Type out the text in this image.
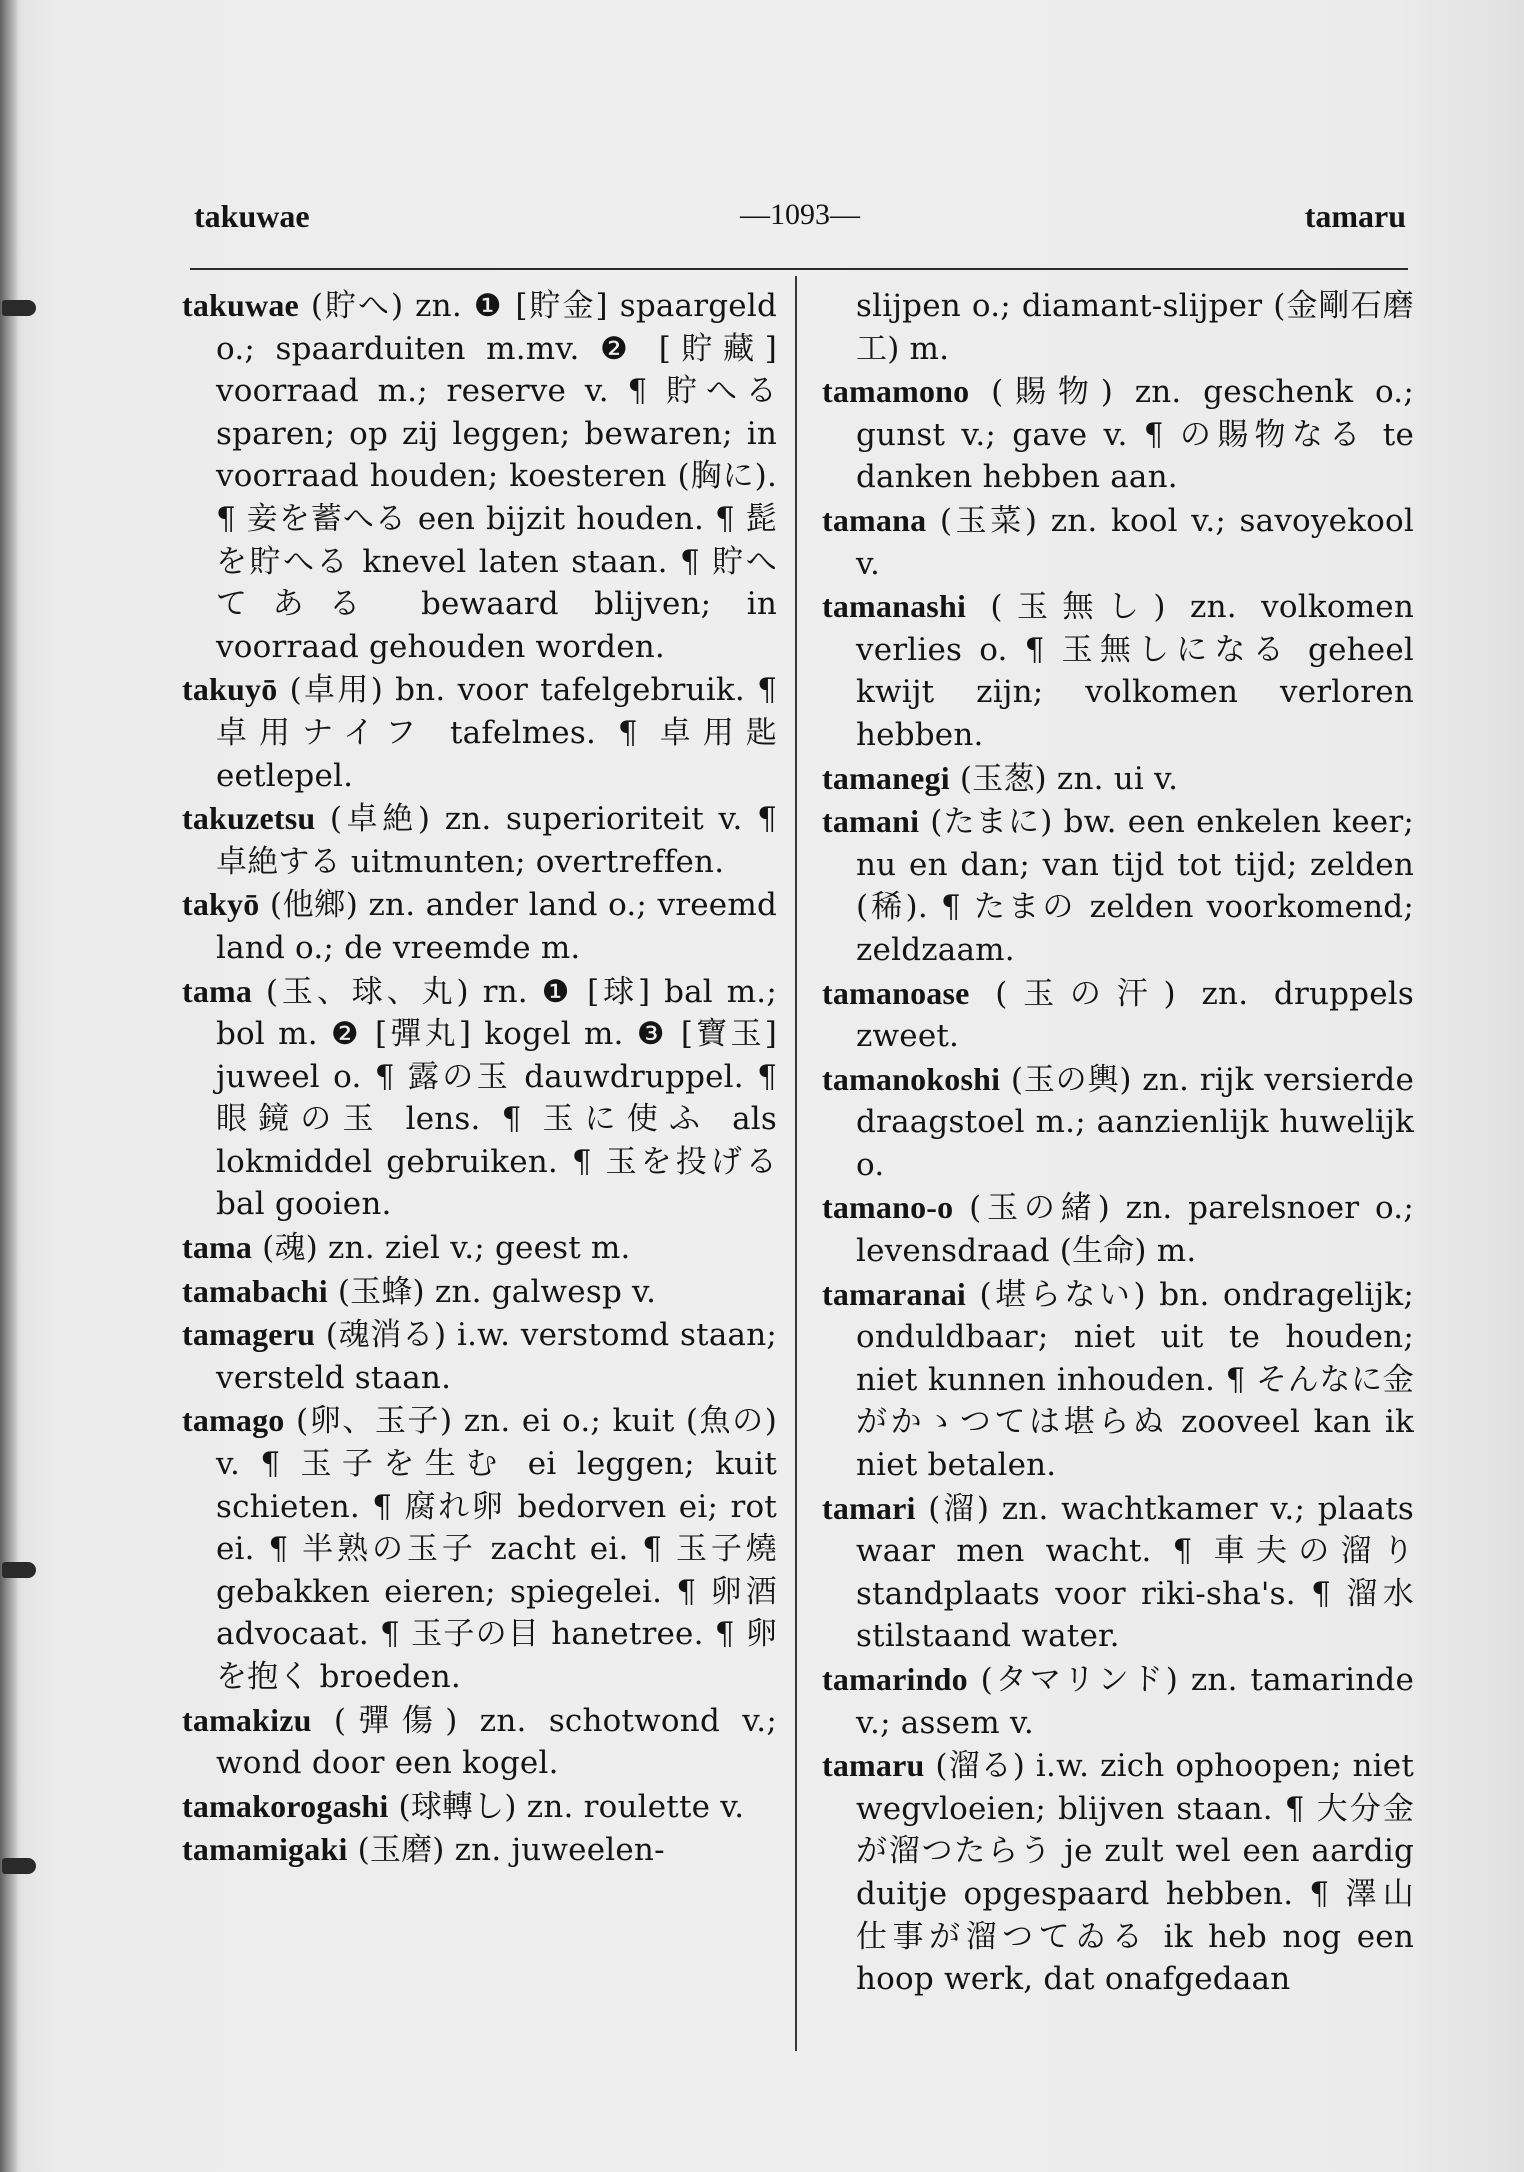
takuwae	—1093—	tamaru

takuwae (貯へ) zn. ❶ [貯金] spaargeld o.; spaarduiten m.mv. ❷ [貯藏] voorraad m.; reserve v. ¶ 貯へる sparen; op zij leggen; bewaren; in voorraad houden; koesteren (胸に). ¶ 妾を蓄へる een bijzit houden. ¶ 髭を貯へる knevel laten staan. ¶ 貯へてある bewaard blijven; in voorraad gehouden worden.

takuyō (卓用) bn. voor tafelgebruik. ¶ 卓用ナイフ tafelmes. ¶ 卓用匙 eetlepel.

takuzetsu (卓絶) zn. superioriteit v. ¶ 卓絶する uitmunten; overtreffen.

takyō (他鄉) zn. ander land o.; vreemd land o.; de vreemde m.

tama (玉、球、丸) rn. ❶ [球] bal m.; bol m. ❷ [彈丸] kogel m. ❸ [寶玉] juweel o. ¶ 露の玉 dauwdruppel. ¶ 眼鏡の玉 lens. ¶ 玉に使ふ als lokmiddel gebruiken. ¶ 玉を投げる bal gooien.

tama (魂) zn. ziel v.; geest m.

tamabachi (玉蜂) zn. galwesp v.

tamageru (魂消る) i.w. verstomd staan; versteld staan.

tamago (卵、玉子) zn. ei o.; kuit (魚の) v. ¶ 玉子を生む ei leggen; kuit schieten. ¶ 腐れ卵 bedorven ei; rot ei. ¶ 半熟の玉子 zacht ei. ¶ 玉子燒 gebakken eieren; spiegelei. ¶ 卵酒 advocaat. ¶ 玉子の目 hanetree. ¶ 卵を抱く broeden.

tamakizu (彈傷) zn. schotwond v.; wond door een kogel.

tamakorogashi (球轉し) zn. roulette v.

tamamigaki (玉磨) zn. juweelen-

slijpen o.; diamant-slijper (金剛石磨工) m.

tamamono (賜物) zn. geschenk o.; gunst v.; gave v. ¶ の賜物なる te danken hebben aan.

tamana (玉菜) zn. kool v.; savoyekool v.

tamanashi (玉無し) zn. volkomen verlies o. ¶ 玉無しになる geheel kwijt zijn; volkomen verloren hebben.

tamanegi (玉葱) zn. ui v.

tamani (たまに) bw. een enkelen keer; nu en dan; van tijd tot tijd; zelden (稀). ¶ たまの zelden voorkomend; zeldzaam.

tamanoase (玉の汗) zn. druppels zweet.

tamanokoshi (玉の輿) zn. rijk versierde draagstoel m.; aanzienlijk huwelijk o.

tamano-o (玉の緒) zn. parelsnoer o.; levensdraad (生命) m.

tamaranai (堪らない) bn. ondragelijk; onduldbaar; niet uit te houden; niet kunnen inhouden. ¶ そんなに金がかゝつては堪らぬ zooveel kan ik niet betalen.

tamari (溜) zn. wachtkamer v.; plaats waar men wacht. ¶ 車夫の溜り standplaats voor riki-sha's. ¶ 溜水 stilstaand water.

tamarindo (タマリンド) zn. tamarinde v.; assem v.

tamaru (溜る) i.w. zich ophoopen; niet wegvloeien; blijven staan. ¶ 大分金が溜つたらう je zult wel een aardig duitje opgespaard hebben. ¶ 澤山仕事が溜つてゐる ik heb nog een hoop werk, dat onafgedaan
